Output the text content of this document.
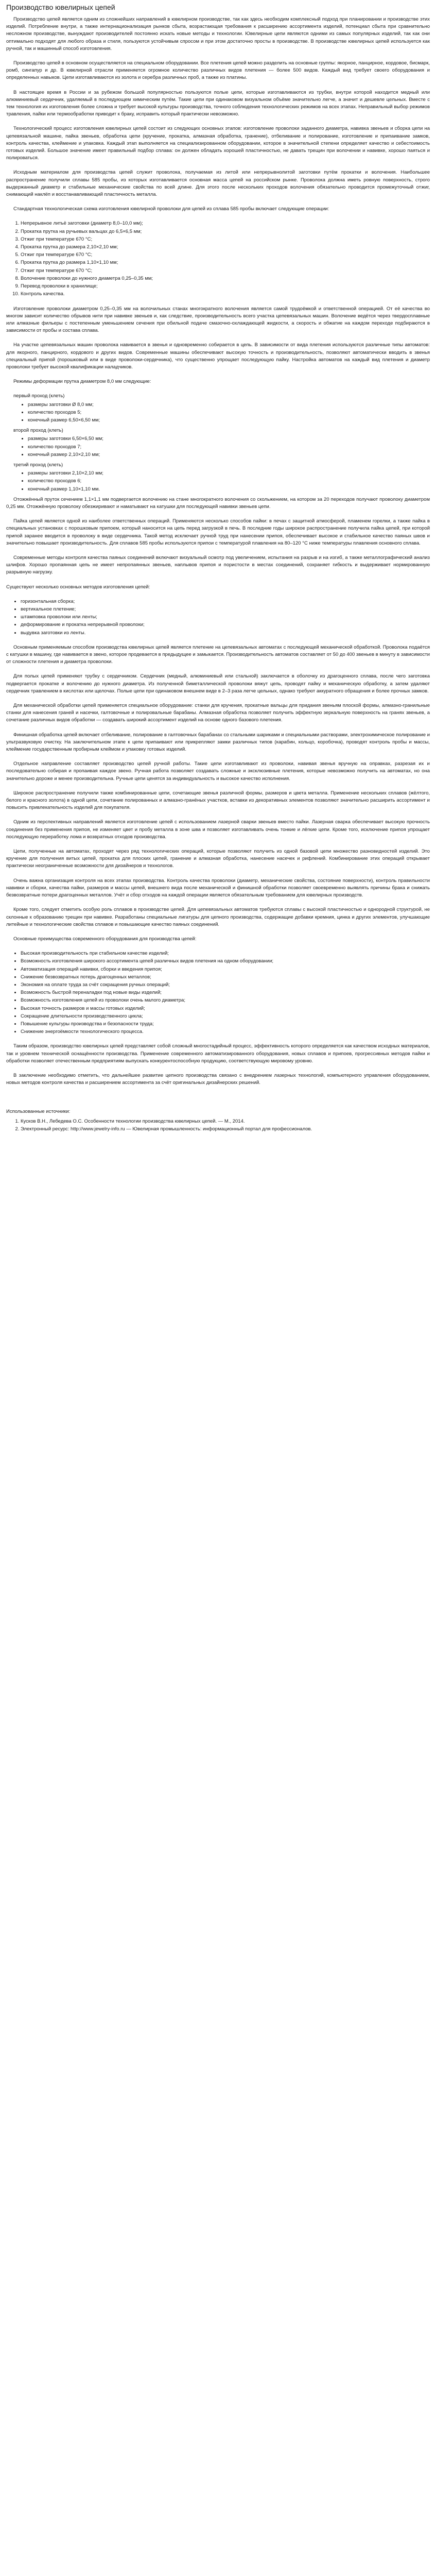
Производство ювелирных цепей

Производство цепей является одним из сложнейших направлений в ювелирном производстве, так как здесь необходим комплексный подход при планировании и производстве этих изделий. Потребление внутри, а также интернационализация рынков сбыта, возрастающая требования к расширению ассортимента изделий, потенциал сбыта при сравнительно несложном производстве, вынуждают производителей постоянно искать новые методы и технологии. Ювелирные цепи являются одними из самых популярных изделий, так как они оптимально подходят для любого образа и стиля, пользуются устойчивым спросом и при этом достаточно просты в производстве. В производстве ювелирных цепей используется как ручной, так и машинный способ изготовления.

Производство цепей в основном осуществляется на специальном оборудовании. Все плетения цепей можно разделить на основные группы: якорное, панцирное, кордовое, бисмарк, ромб, сингапур и др. В ювелирной отрасли применяется огромное количество различных видов плетения — более 500 видов. Каждый вид требует своего оборудования и определенных навыков. Цепи изготавливаются из золота и серебра различных проб, а также из платины.

В настоящее время в России и за рубежом большой популярностью пользуются полые цепи, которые изготавливаются из трубки, внутри которой находится медный или алюминиевый сердечник, удаляемый в последующем химическим путём. Такие цепи при одинаковом визуальном объёме значительно легче, а значит и дешевле цельных. Вместе с тем технология их изготовления более сложна и требует высокой культуры производства, точного соблюдения технологических режимов на всех этапах. Неправильный выбор режимов травления, пайки или термообработки приводит к браку, исправить который практически невозможно.

Технологический процесс изготовления ювелирных цепей состоит из следующих основных этапов: изготовление проволоки заданного диаметра, навивка звеньев и сборка цепи на цепевязальной машине, пайка звеньев, обработка цепи (кручение, прокатка, алмазная обработка, гранение), отбеливание и полирование, изготовление и припаивание замков, контроль качества, клеймение и упаковка. Каждый этап выполняется на специализированном оборудовании, которое в значительной степени определяет качество и себестоимость готовых изделий. Большое значение имеет правильный подбор сплава: он должен обладать хорошей пластичностью, не давать трещин при волочении и навивке, хорошо паяться и полироваться.

Исходным материалом для производства цепей служит проволока, получаемая из литой или непрерывнолитой заготовки путём прокатки и волочения. Наибольшее распространение получили сплавы 585 пробы, из которых изготавливается основная масса цепей на российском рынке. Проволока должна иметь ровную поверхность, строго выдержанный диаметр и стабильные механические свойства по всей длине. Для этого после нескольких проходов волочения обязательно проводится промежуточный отжиг, снимающий наклёп и восстанавливающий пластичность металла.

Стандартная технологическая схема изготовления ювелирной проволоки для цепей из сплава 585 пробы включает следующие операции:

1. Непрерывное литьё заготовки (диаметр 8,0–10,0 мм);
2. Прокатка прутка на ручьевых вальцах до 6,5×6,5 мм;
3. Отжиг при температуре 670 °С;
4. Прокатка прутка до размера 2,10×2,10 мм;
5. Отжиг при температуре 670 °С;
6. Прокатка прутка до размера 1,10×1,10 мм;
7. Отжиг при температуре 670 °С;
8. Волочение проволоки до нужного диаметра 0,25–0,35 мм;
9. Перевод проволоки в хранилище;
10. Контроль качества.

Изготовление проволоки диаметром 0,25–0,35 мм на волочильных станах многократного волочения является самой трудоёмкой и ответственной операцией. От её качества во многом зависит количество обрывов нити при навивке звеньев и, как следствие, производительность всего участка цепевязальных машин. Волочение ведётся через твердосплавные или алмазные фильеры с постепенным уменьшением сечения при обильной подаче смазочно-охлаждающей жидкости, а скорость и обжатие на каждом переходе подбираются в зависимости от пробы и состава сплава.

На участке цепевязальных машин проволока навивается в звенья и одновременно собирается в цепь. В зависимости от вида плетения используются различные типы автоматов: для якорного, панцирного, кордового и других видов. Современные машины обеспечивают высокую точность и производительность, позволяют автоматически вводить в звенья специальный припой (порошковый или в виде проволоки-сердечника), что существенно упрощает последующую пайку. Настройка автоматов на каждый вид плетения и диаметр проволоки требует высокой квалификации наладчиков.

Режимы деформации прутка диаметром 8,0 мм следующие:

первый проход (клеть)

• размеры заготовки Ø 8,0 мм;
• количество проходов 5;
• конечный размер 6,50×6,50 мм;

второй проход (клеть)

• размеры заготовки 6,50×6,50 мм;
• количество проходов 7;
• конечный размер 2,10×2,10 мм;

третий проход (клеть)

• размеры заготовки 2,10×2,10 мм;
• количество проходов 6;
• конечный размер 1,10×1,10 мм.

Отожжённый пруток сечением 1,1×1,1 мм подвергается волочению на стане многократного волочения со скольжением, на котором за 20 переходов получают проволоку диаметром 0,25 мм. Отожжённую проволоку обезжиривают и наматывают на катушки для последующей навивки звеньев цепи.

Пайка цепей является одной из наиболее ответственных операций. Применяются несколько способов пайки: в печах с защитной атмосферой, пламенем горелки, а также пайка в специальных установках с порошковым припоем, который наносится на цепь перед загрузкой в печь. В последние годы широкое распространение получила пайка цепей, при которой припой заранее вводится в проволоку в виде сердечника. Такой метод исключает ручной труд при нанесении припоя, обеспечивает высокое и стабильное качество паяных швов и значительно повышает производительность. Для сплавов 585 пробы используются припои с температурой плавления на 80–120 °С ниже температуры плавления основного сплава.

Современные методы контроля качества паяных соединений включают визуальный осмотр под увеличением, испытания на разрыв и на изгиб, а также металлографический анализ шлифов. Хорошо пропаянная цепь не имеет непропаянных звеньев, наплывов припоя и пористости в местах соединений, сохраняет гибкость и выдерживает нормированную разрывную нагрузку.

Существуют несколько основных методов изготовления цепей:

• горизонтальная сборка;
• вертикальное плетение;
• штамповка проволоки или ленты;
• деформирование и прокатка непрерывной проволоки;
• выдувка заготовки из ленты.

Основным применяемым способом производства ювелирных цепей является плетение на цепевязальных автоматах с последующей механической обработкой. Проволока подаётся с катушки в машину, где навивается в звено, которое продевается в предыдущее и замыкается. Производительность автоматов составляет от 50 до 400 звеньев в минуту в зависимости от сложности плетения и диаметра проволоки.

Для полых цепей применяют трубку с сердечником. Сердечник (медный, алюминиевый или стальной) заключается в оболочку из драгоценного сплава, после чего заготовка подвергается прокатке и волочению до нужного диаметра. Из полученной биметаллической проволоки вяжут цепь, проводят пайку и механическую обработку, а затем удаляют сердечник травлением в кислотах или щелочах. Полые цепи при одинаковом внешнем виде в 2–3 раза легче цельных, однако требуют аккуратного обращения и более прочных замков.

Для механической обработки цепей применяется специальное оборудование: станки для кручения, прокатные вальцы для придания звеньям плоской формы, алмазно-гранильные станки для нанесения граней и насечки, галтовочные и полировальные барабаны. Алмазная обработка позволяет получить эффектную зеркальную поверхность на гранях звеньев, а сочетание различных видов обработки — создавать широкий ассортимент изделий на основе одного базового плетения.

Финишная обработка цепей включает отбеливание, полирование в галтовочных барабанах со стальными шариками и специальными растворами, электрохимическое полирование и ультразвуковую очистку. На заключительном этапе к цепи припаивают или прикрепляют замки различных типов (карабин, кольцо, коробочка), проводят контроль пробы и массы, клеймение государственным пробирным клеймом и упаковку готовых изделий.

Отдельное направление составляет производство цепей ручной работы. Такие цепи изготавливают из проволоки, навивая звенья вручную на оправках, разрезая их и последовательно собирая и пропаивая каждое звено. Ручная работа позволяет создавать сложные и эксклюзивные плетения, которые невозможно получить на автоматах, но она значительно дороже и менее производительна. Ручные цепи ценятся за индивидуальность и высокое качество исполнения.

Широкое распространение получили также комбинированные цепи, сочетающие звенья различной формы, размеров и цвета металла. Применение нескольких сплавов (жёлтого, белого и красного золота) в одной цепи, сочетание полированных и алмазно-гранёных участков, вставки из декоративных элементов позволяют значительно расширить ассортимент и повысить привлекательность изделий для покупателя.

Одним из перспективных направлений является изготовление цепей с использованием лазерной сварки звеньев вместо пайки. Лазерная сварка обеспечивает высокую прочность соединения без применения припоя, не изменяет цвет и пробу металла в зоне шва и позволяет изготавливать очень тонкие и лёгкие цепи. Кроме того, исключение припоя упрощает последующую переработку лома и возвратных отходов производства.

Цепи, полученные на автоматах, проходят через ряд технологических операций, которые позволяют получить из одной базовой цепи множество разновидностей изделий. Это кручение для получения витых цепей, прокатка для плоских цепей, гранение и алмазная обработка, нанесение насечек и рифлений. Комбинирование этих операций открывает практически неограниченные возможности для дизайнеров и технологов.

Очень важна организация контроля на всех этапах производства. Контроль качества проволоки (диаметр, механические свойства, состояние поверхности), контроль правильности навивки и сборки, качества пайки, размеров и массы цепей, внешнего вида после механической и финишной обработки позволяет своевременно выявлять причины брака и снижать безвозвратные потери драгоценных металлов. Учёт и сбор отходов на каждой операции является обязательным требованием для ювелирных производств.

Кроме того, следует отметить особую роль сплавов в производстве цепей. Для цепевязальных автоматов требуются сплавы с высокой пластичностью и однородной структурой, не склонные к образованию трещин при навивке. Разработаны специальные лигатуры для цепного производства, содержащие добавки кремния, цинка и других элементов, улучшающие литейные и технологические свойства сплавов и повышающие качество паяных соединений.

Основные преимущества современного оборудования для производства цепей:

• Высокая производительность при стабильном качестве изделий;
• Возможность изготовления широкого ассортимента цепей различных видов плетения на одном оборудовании;
• Автоматизация операций навивки, сборки и введения припоя;
• Снижение безвозвратных потерь драгоценных металлов;
• Экономия на оплате труда за счёт сокращения ручных операций;
• Возможность быстрой переналадки под новые виды изделий;
• Возможность изготовления цепей из проволоки очень малого диаметра;
• Высокая точность размеров и массы готовых изделий;
• Сокращение длительности производственного цикла;
• Повышение культуры производства и безопасности труда;
• Снижение энергоёмкости технологического процесса.

Таким образом, производство ювелирных цепей представляет собой сложный многостадийный процесс, эффективность которого определяется как качеством исходных материалов, так и уровнем технической оснащённости производства. Применение современного автоматизированного оборудования, новых сплавов и припоев, прогрессивных методов пайки и обработки позволяет отечественным предприятиям выпускать конкурентоспособную продукцию, соответствующую мировому уровню.

В заключение необходимо отметить, что дальнейшее развитие цепного производства связано с внедрением лазерных технологий, компьютерного управления оборудованием, новых методов контроля качества и расширением ассортимента за счёт оригинальных дизайнерских решений.

Использованные источники:

1. Кусков В.Н., Лебедева О.С. Особенности технологии производства ювелирных цепей. — М., 2014.
2. Электронный ресурс: http://www.jewelry-info.ru — Ювелирная промышленность: информационный портал для профессионалов.
